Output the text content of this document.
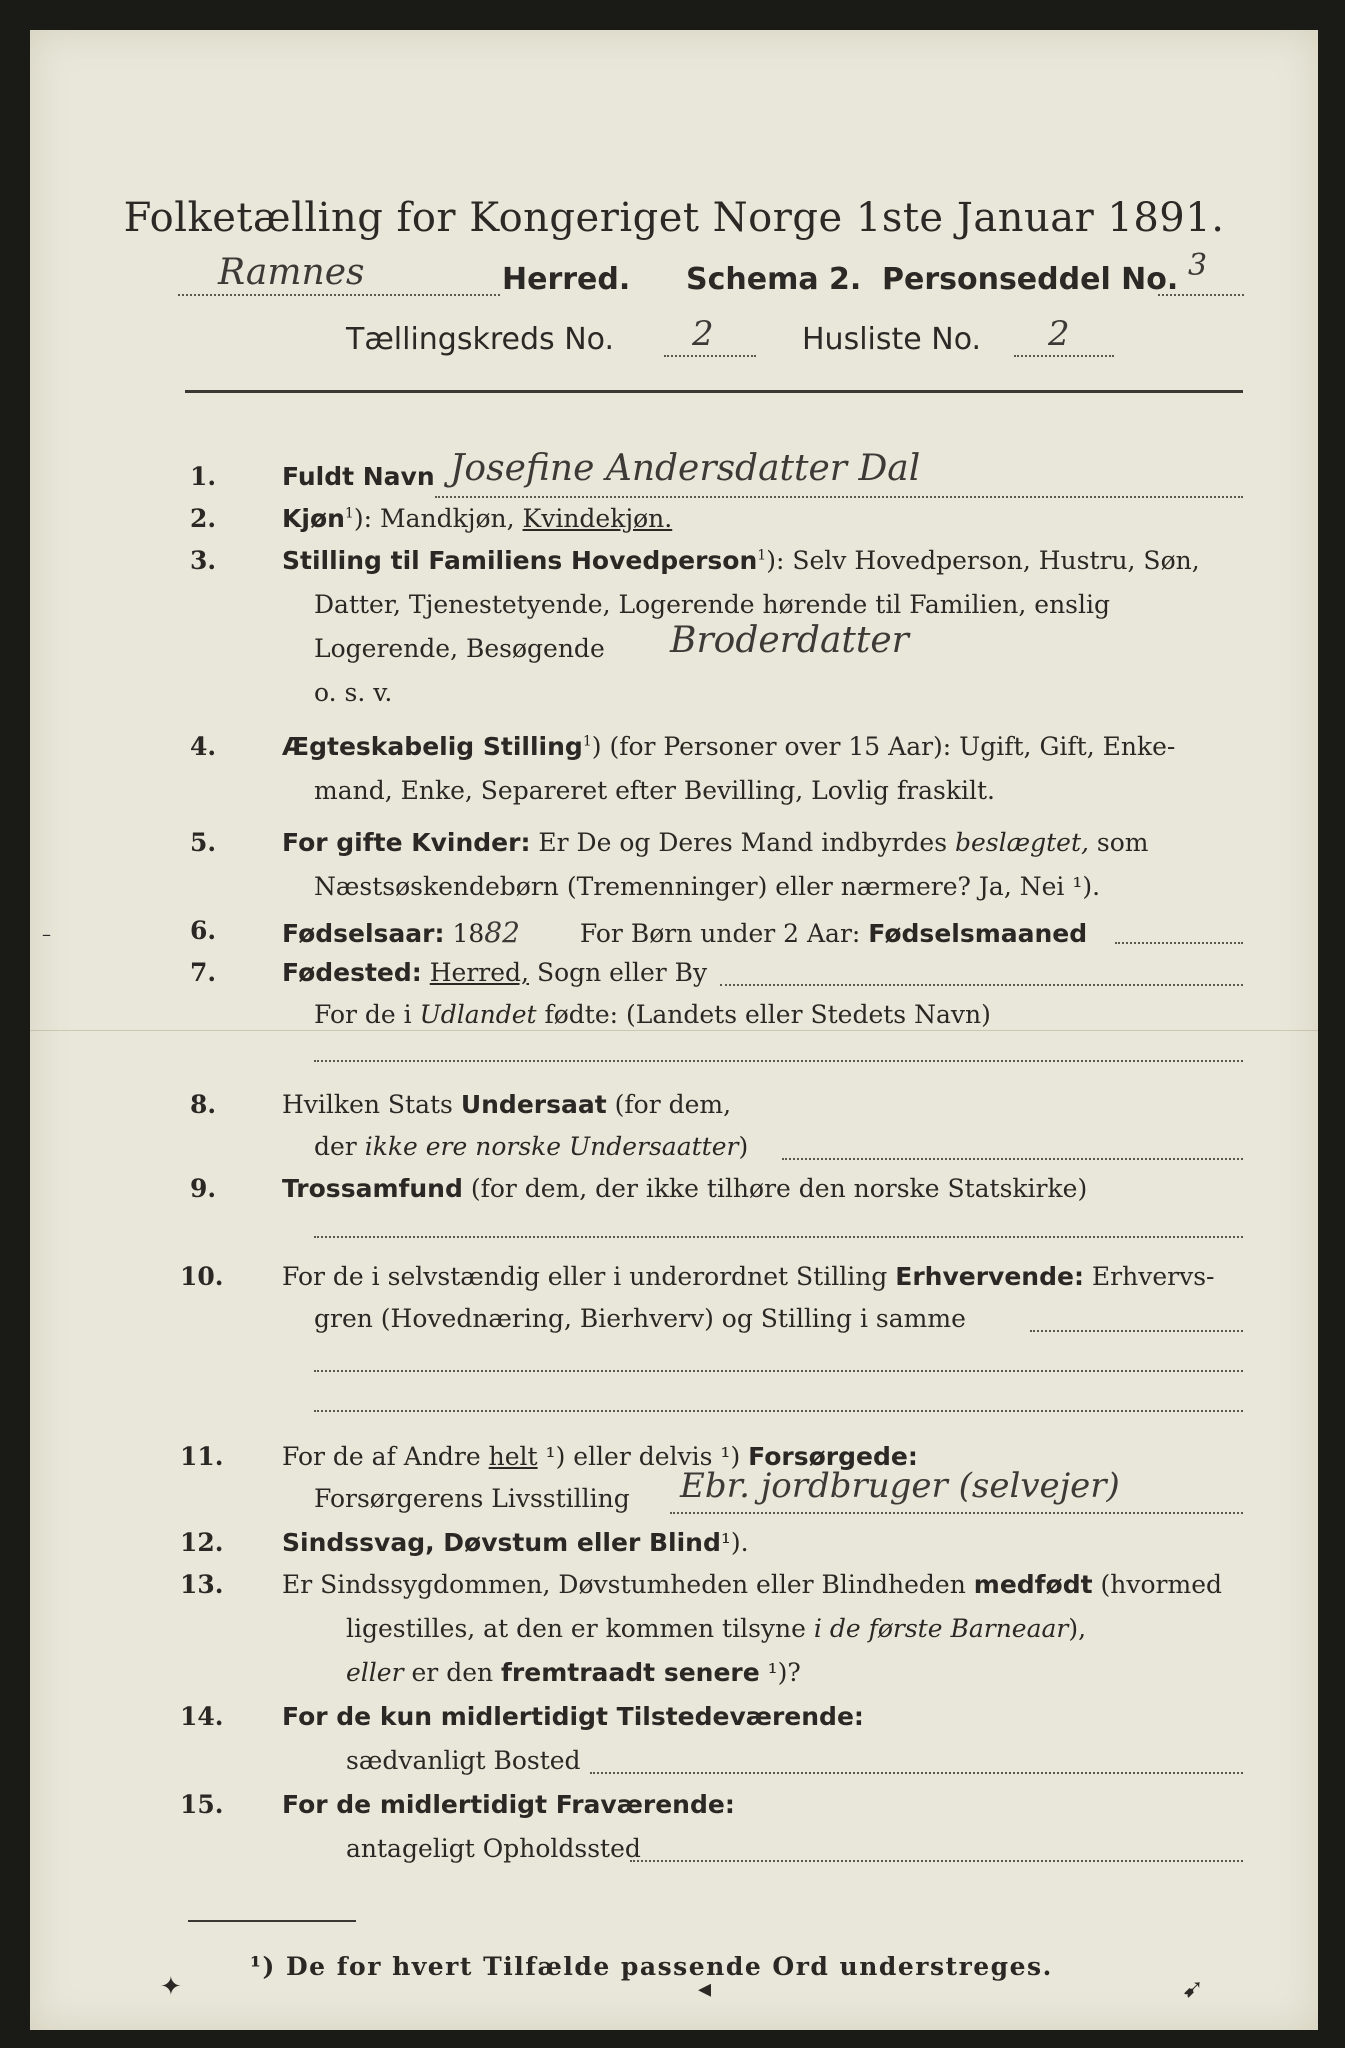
Folketælling for Kongeriget Norge 1ste Januar 1891.
Ramnes	Herred. Schema 2. Personseddel No. 3
Tællingskreds No. 2	Husliste No. 2
1.	Fuldt Navn Josefine Andersdatter Dal
2.	Kjøn$^1$): Mandkjøn, Kvindekjøn.
3.	Stilling til Familiens Hovedperson$^1$): Selv Hovedperson, Hustru, Søn,
Datter, Tjenestetyende, Logerende hørende til Familien, enslig
Logerende, Besøgende Broderdatter
o. s. v.
4.	Ægteskabelig Stilling$^1$) (for Personer over 15 Aar): Ugift, Gift, Enke-
mand, Enke, Separeret efter Bevilling, Lovlig fraskilt.
5.	For gifte Kvinder: Er De og Deres Mand indbyrdes beslægtet, som
Næstsøskendebørn (Tremenninger) eller nærmere? Ja, Nei ¹).
6.	Fødselsaar: 1882 For Børn under 2 Aar: Fødselsmaaned
7.	Fødested: Herred, Sogn eller By
For de i Udlandet fødte: (Landets eller Stedets Navn)
8.	Hvilken Stats Undersaat (for dem,
der ikke ere norske Undersaatter)
9.	Trossamfund (for dem, der ikke tilhøre den norske Statskirke)
10.	For de i selvstændig eller i underordnet Stilling Erhvervende: Erhvervs-
gren (Hovednæring, Bierhverv) og Stilling i samme
11.	For de af Andre helt ¹) eller delvis ¹) Forsørgede:
Forsørgerens Livsstilling Ebr. jordbruger (selvejer)
12.	Sindssvag, Døvstum eller Blind¹).
13.	Er Sindssygdommen, Døvstumheden eller Blindheden medfødt (hvormed
ligestilles, at den er kommen tilsyne i de første Barneaar),
eller er den fremtraadt senere ¹)?
14.	For de kun midlertidigt Tilstedeværende:
sædvanligt Bosted
15.	For de midlertidigt Fraværende:
antageligt Opholdssted
¹) De for hvert Tilfælde passende Ord understreges.
✦	◂	➹
–
